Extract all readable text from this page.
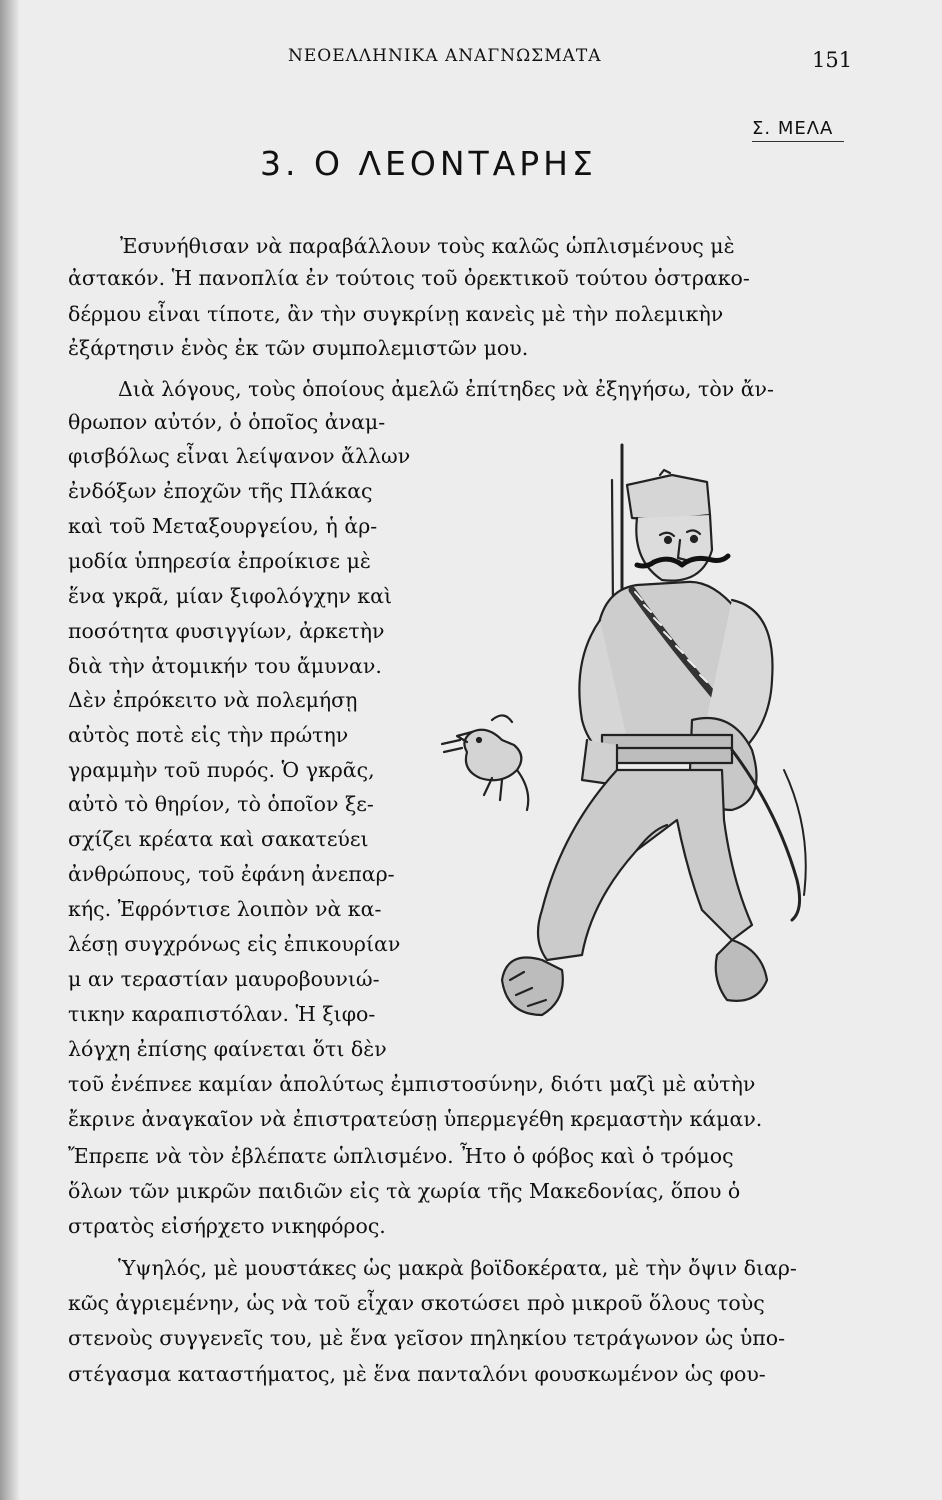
ΝΕΟΕΛΛΗΝΙΚΑ ΑΝΑΓΝΩΣΜΑΤΑ	151
Σ. ΜΕΛΑ
3. Ο ΛΕΟΝΤΑΡΗΣ
Ἐσυνήθισαν νὰ παραβάλλουν τοὺς καλῶς ὡπλισμένους μὲ
ἀστακόν. Ἡ πανοπλία ἐν τούτοις τοῦ ὀρεκτικοῦ τούτου ὀστρακο-
δέρμου εἶναι τίποτε, ἂν τὴν συγκρίνῃ κανεὶς μὲ τὴν πολεμικὴν
ἐξάρτησιν ἑνὸς ἐκ τῶν συμπολεμιστῶν μου.
Διὰ λόγους, τοὺς ὁποίους ἀμελῶ ἐπίτηδες νὰ ἐξηγήσω, τὸν ἄν-
θρωπον αὐτόν, ὁ ὁποῖος ἀναμ-
φισβόλως εἶναι λείψανον ἄλλων
ἐνδόξων ἐποχῶν τῆς Πλάκας
καὶ τοῦ Μεταξουργείου, ἡ ἁρ-
μοδία ὑπηρεσία ἐπροίκισε μὲ
ἕνα γκρᾶ, μίαν ξιφολόγχην καὶ
ποσότητα φυσιγγίων, ἀρκετὴν
διὰ τὴν ἀτομικήν του ἄμυναν.
Δὲν ἐπρόκειτο νὰ πολεμήσῃ
αὐτὸς ποτὲ εἰς τὴν πρώτην
γραμμὴν τοῦ πυρός. Ὁ γκρᾶς,
αὐτὸ τὸ θηρίον, τὸ ὁποῖον ξε-
σχίζει κρέατα καὶ σακατεύει
ἀνθρώπους, τοῦ ἐφάνη ἀνεπαρ-
κής. Ἐφρόντισε λοιπὸν νὰ κα-
λέσῃ συγχρόνως εἰς ἐπικουρίαν
μ αν τεραστίαν μαυροβουνιώ-
τικην καραπιστόλαν. Ἡ ξιφο-
λόγχη ἐπίσης φαίνεται ὅτι δὲν
τοῦ ἐνέπνεε καμίαν ἀπολύτως ἐμπιστοσύνην, διότι μαζὶ μὲ αὐτὴν
ἔκρινε ἀναγκαῖον νὰ ἐπιστρατεύσῃ ὑπερμεγέθη κρεμαστὴν κάμαν.
Ἔπρεπε νὰ τὸν ἐβλέπατε ὡπλισμένο. Ἦτο ὁ φόβος καὶ ὁ τρόμος
ὅλων τῶν μικρῶν παιδιῶν εἰς τὰ χωρία τῆς Μακεδονίας, ὅπου ὁ
στρατὸς εἰσήρχετο νικηφόρος.
Ὑψηλός, μὲ μουστάκες ὡς μακρὰ βοϊδοκέρατα, μὲ τὴν ὄψιν διαρ-
κῶς ἀγριεμένην, ὡς νὰ τοῦ εἶχαν σκοτώσει πρὸ μικροῦ ὅλους τοὺς
στενοὺς συγγενεῖς του, μὲ ἕνα γεῖσον πηληκίου τετράγωνον ὡς ὑπο-
στέγασμα καταστήματος, μὲ ἕνα πανταλόνι φουσκωμένον ὡς φου-
